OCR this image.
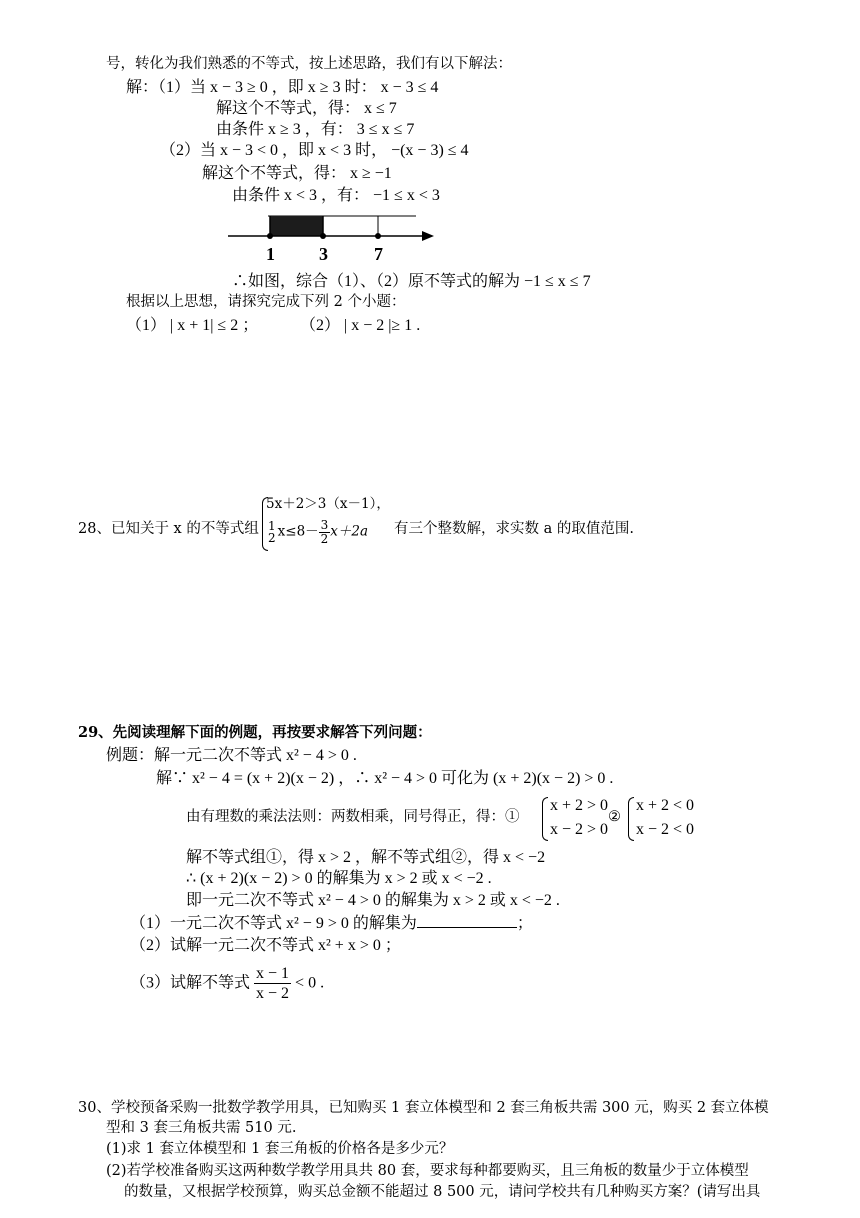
号，转化为我们熟悉的不等式，按上述思路，我们有以下解法：
解：（1）当 x − 3 ≥ 0 ，即 x ≥ 3 时： x − 3 ≤ 4
解这个不等式，得： x ≤ 7
由条件 x ≥ 3 ，有： 3 ≤ x ≤ 7
（2）当 x − 3 < 0 ，即 x < 3 时， −(x − 3) ≤ 4
解这个不等式，得： x ≥ −1
由条件 x < 3 ，有： −1 ≤ x < 3
1 3	7
∴如图，综合（1）、（2）原不等式的解为 −1 ≤ x ≤ 7
根据以上思想，请探究完成下列 2 个小题：
（1） | x + 1| ≤ 2 ；	（2） | x − 2 |≥ 1 .
28、已知关于 x 的不等式组
5x＋2＞3（x－1），
1
2 $x\le 8- \frac{3}{2} x+2a$ 有三个整数解，求实数 a 的取值范围.
29、先阅读理解下面的例题，再按要求解答下列问题：
例题：解一元二次不等式 x² − 4 > 0 .
解∵ x² − 4 = (x + 2)(x − 2) ，∴ x² − 4 > 0 可化为 (x + 2)(x − 2) > 0 .
由有理数的乘法法则：两数相乘，同号得正，得：①
x + 2 > 0
x − 2 > 0
②
x + 2 < 0
x − 2 < 0
解不等式组①，得 x > 2 ，解不等式组②，得 x < −2
∴ (x + 2)(x − 2) > 0 的解集为 x > 2 或 x < −2 .
即一元二次不等式 x² − 4 > 0 的解集为 x > 2 或 x < −2 .
（1）一元二次不等式 x² − 9 > 0 的解集为	；
（2）试解一元二次不等式 x² + x > 0 ；
（3）试解不等式 $\frac{x - 1}{x - 2} < 0$ .
30、学校预备采购一批数学教学用具，已知购买 1 套立体模型和 2 套三角板共需 300 元，购买 2 套立体模
型和 3 套三角板共需 510 元.
(1)求 1 套立体模型和 1 套三角板的价格各是多少元？
(2)若学校准备购买这两种数学教学用具共 80 套，要求每种都要购买，且三角板的数量少于立体模型
的数量，又根据学校预算，购买总金额不能超过 8 500 元，请问学校共有几种购买方案？(请写出具
